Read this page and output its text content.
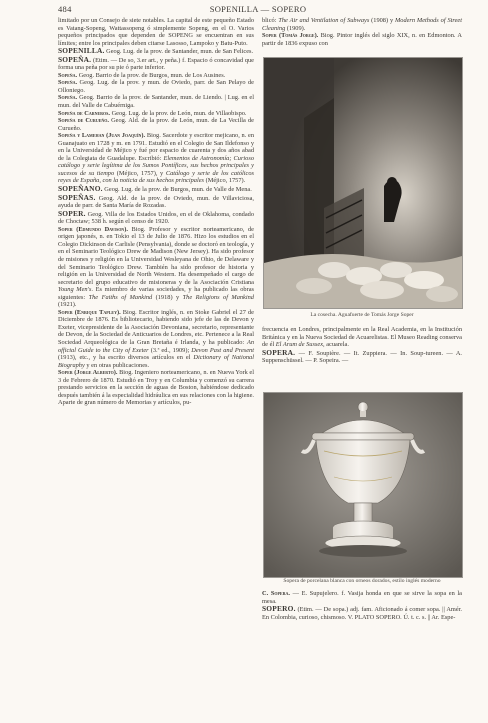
484	SOPENILLA — SOPERO

limitado por un Consejo de siete notables. La capital de este pequeño Estado es Vatang-Sopeng, Wattassopeng ó simplemente Sopeng, en el O. Varios pequeños principados que dependen de SOPENG se encuentran en sus límites; entre los principales deben citarse Lasosso, Lampoko y Batu-Puto.

SOPENILLA. Geog. Lug. de la prov. de Santander, mun. de San Felices.

SOPEÑA. (Etim. — De so, 3.er art., y peña.) f. Espacio ó concavidad que forma una peña por su pie ó parte inferior.

Sopeña. Geog. Barrio de la prov. de Burgos, mun. de Los Ausines.

Sopeña. Geog. Lug. de la prov. y mun. de Oviedo, parr. de San Pelayo de Olloniego.

Sopeña. Geog. Barrio de la prov. de Santander, mun. de Liendo. | Lug. en el mun. del Valle de Cabuérniga.

Sopeña de Carneros. Geog. Lug. de la prov. de León, mun. de Villaobispo.

Sopeña de Curueño. Geog. Ald. de la prov. de León, mun. de La Vecilla de Curueño.

Sopeña y Lamehan (Juan Joaquín). Biog. Sacerdote y escritor mejicano, n. en Guanajuato en 1728 y m. en 1791. Estudió en el Colegio de San Ildefonso y en la Universidad de Méjico y fué por espacio de cuarenta y dos años abad de la Colegiata de Guadalupe. Escribió: Elementos de Astronomía; Curioso catálogo y serie legítima de los Sumos Pontífices, sus hechos principales y sucesos de su tiempo (Méjico, 1757), y Catálogo y serie de los católicos reyes de España, con la noticia de sus hechos principales (Méjico, 1757).

SOPEÑANO. Geog. Lug. de la prov. de Burgos, mun. de Valle de Mena.

SOPEÑAS. Geog. Ald. de la prov. de Oviedo, mun. de Villaviciosa, ayuda de parr. de Santa María de Rozadas.

SOPER. Geog. Villa de los Estados Unidos, en el de Oklahoma, condado de Choctaw; 538 h. según el censo de 1920.

Soper (Edmundo Davison). Biog. Profesor y escritor norteamericano, de origen japonés, n. en Tokio el 13 de Julio de 1876. Hizo los estudios en el Colegio Dickinson de Carlisle (Pensylvania), donde se doctoró en teología, y en el Seminario Teológico Drew de Madison (New Jersey). Ha sido profesor de misiones y religión en la Universidad Wesleyana de Ohio, de Delaware y del Seminario Teológico Drew. También ha sido profesor de historia y religión en la Universidad de North Western. Ha desempeñado el cargo de secretario del grupo educativo de misioneras y de la Asociación Cristiana Young Men's. Es miembro de varias sociedades, y ha publicado las obras siguientes: The Faiths of Mankind (1918) y The Religions of Mankind (1921).

Soper (Enrique Tapley). Biog. Escritor inglés, n. en Stoke Gabriel el 27 de Diciembre de 1876. Es bibliotecario, habiendo sido jefe de las de Devon y Exeter, vicepresidente de la Asociación Devoniana, secretario, representante de Devon, de la Sociedad de Anticuarios de Londres, etc. Pertenece a la Real Sociedad Arqueológica de la Gran Bretaña é Irlanda, y ha publicado: An official Guide to the City of Exeter (3.ª ed., 1909); Devon Past and Present (1913), etc., y ha escrito diversos artículos en el Dictionary of National Biography y en otras publicaciones.

Soper (Jorge Alberto). Biog. Ingeniero norteamericano, n. en Nueva York el 3 de Febrero de 1870. Estudió en Troy y en Columbia y comenzó su carrera prestando servicios en la sección de aguas de Boston, habiéndose dedicado después también á la especialidad hidráulica en sus relaciones con la higiene. Aparte de gran número de Memorias y artículos, pu-

blicó: The Air and Ventilation of Subways (1908) y Modern Methods of Street Cleaning (1909).

Soper (Tomás Jorge). Biog. Pintor inglés del siglo XIX, n. en Edmonton. A partir de 1836 expuso con

La cosecha. Aguafuerte de Tomás Jorge Soper

frecuencia en Londres, principalmente en la Real Academia, en la Institución Británica y en la Nueva Sociedad de Acuarelistas. El Museo Reading conserva de él El Arum de Sussex, acuarela.

SOPERA. — F. Soupière. — It. Zuppiera. — In. Soup-tureen. — A. Suppenschüssel. — P. Sopeira. —

Sopera de porcelana blanca con orneos dorados, estilo inglés moderno

C. Sopera. — E. Supujelero. f. Vasija honda en que se sirve la sopa en la mesa.

SOPERO. (Etim. — De sopa.) adj. fam. Aficionado á comer sopa. || Amér. En Colombia, curioso, chismoso. V. PLATO SOPERO. Ú. t. c. s. || Ar. Espe-
